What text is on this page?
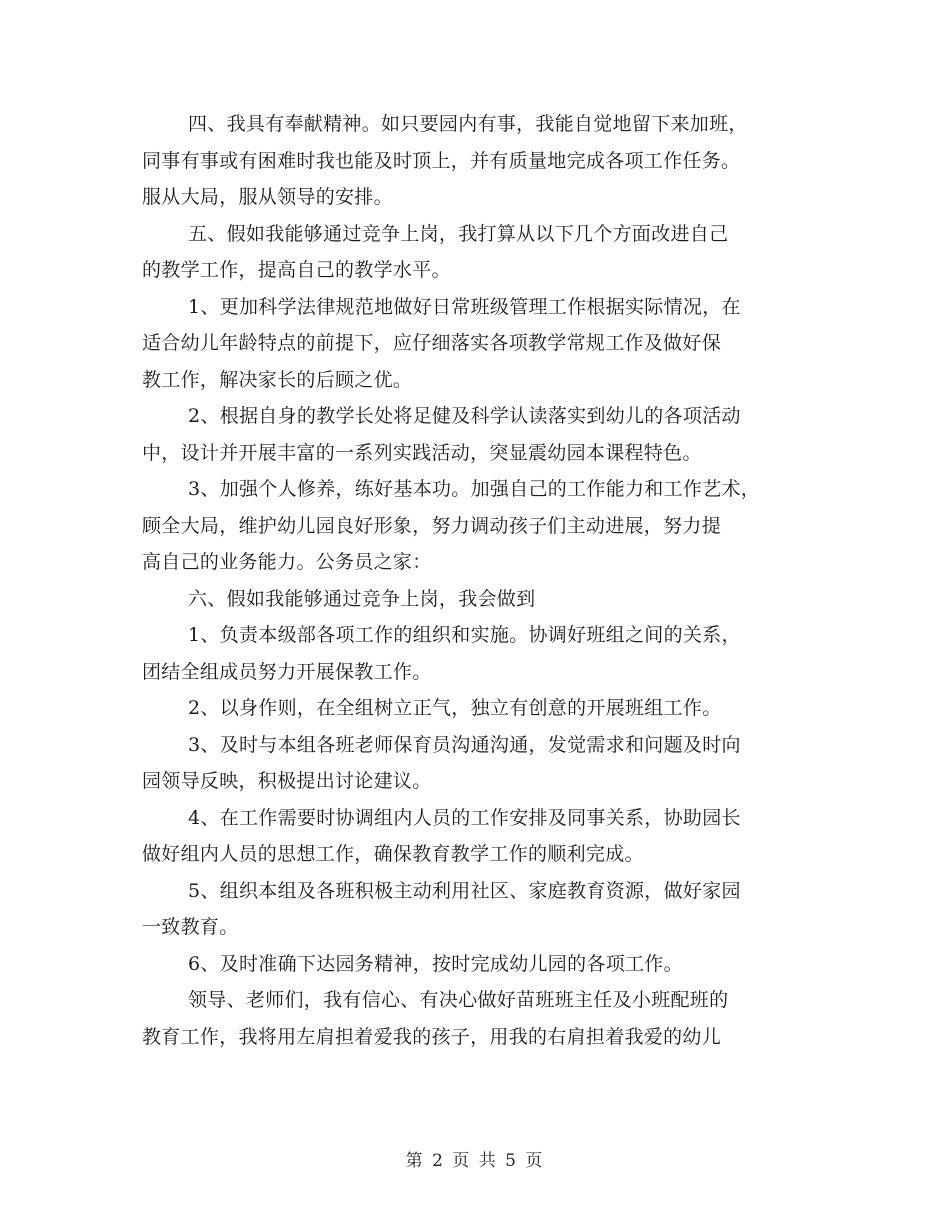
四、我具有奉献精神。如只要园内有事，我能自觉地留下来加班，
同事有事或有困难时我也能及时顶上，并有质量地完成各项工作任务。
服从大局，服从领导的安排。
五、假如我能够通过竞争上岗，我打算从以下几个方面改进自己
的教学工作，提高自己的教学水平。
1、更加科学法律规范地做好日常班级管理工作根据实际情况，在
适合幼儿年龄特点的前提下，应仔细落实各项教学常规工作及做好保
教工作，解决家长的后顾之优。
2、根据自身的教学长处将足健及科学认读落实到幼儿的各项活动
中，设计并开展丰富的一系列实践活动，突显震幼园本课程特色。
3、加强个人修养，练好基本功。加强自己的工作能力和工作艺术，
顾全大局，维护幼儿园良好形象，努力调动孩子们主动进展，努力提
高自己的业务能力。公务员之家：
六、假如我能够通过竞争上岗，我会做到
1、负责本级部各项工作的组织和实施。协调好班组之间的关系，
团结全组成员努力开展保教工作。
2、以身作则，在全组树立正气，独立有创意的开展班组工作。
3、及时与本组各班老师保育员沟通沟通，发觉需求和问题及时向
园领导反映，积极提出讨论建议。
4、在工作需要时协调组内人员的工作安排及同事关系，协助园长
做好组内人员的思想工作，确保教育教学工作的顺利完成。
5、组织本组及各班积极主动利用社区、家庭教育资源，做好家园
一致教育。
6、及时准确下达园务精神，按时完成幼儿园的各项工作。
领导、老师们，我有信心、有决心做好苗班班主任及小班配班的
教育工作，我将用左肩担着爱我的孩子，用我的右肩担着我爱的幼儿
第 2 页 共 5 页
